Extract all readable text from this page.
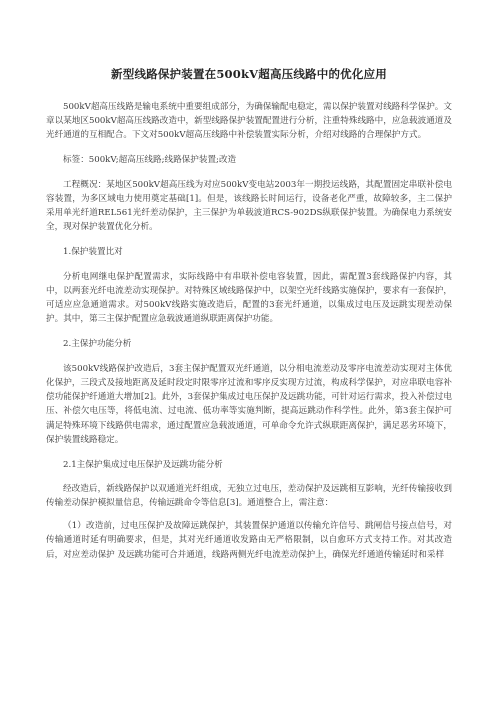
新型线路保护装置在500kV超高压线路中的优化应用

500kV超高压线路是输电系统中重要组成部分，为确保输配电稳定，需以保护装置对线路科学保护。文章以某地区500kV超高压线路改造中，新型线路保护装置配置进行分析，注重特殊线路中，应急载波通道及光纤通道的互相配合。下文对500kV超高压线路中补偿装置实际分析，介绍对线路的合理保护方式。

标签：500kV;超高压线路;线路保护装置;改造

工程概况：某地区500kV超高压线为对应500kV变电站2003年一期投运线路，其配置固定串联补偿电容装置，为多区域电力使用奠定基础[1]。但是，该线路长时间运行，设备老化严重，故障较多，主二保护采用单光纤道REL561光纤差动保护，主三保护为单载波道RCS-902DS纵联保护装置。为确保电力系统安全，现对保护装置优化分析。

1.保护装置比对

分析电网继电保护配置需求，实际线路中有串联补偿电容装置，因此，需配置3套线路保护内容，其中，以两套光纤电流差动实现保护。对特殊区域线路保护中，以架空光纤线路实施保护，要求有一套保护，可适应应急通道需求。对500kV线路实施改造后，配置的3套光纤通道，以集成过电压及远跳实现差动保护。其中，第三主保护配置应急载波通道纵联距离保护功能。

2.主保护功能分析

该500kV线路保护改造后，3套主保护配置双光纤通道，以分相电流差动及零序电流差动实现对主体优化保护，三段式及接地距离及延时段定时限零序过流和零序反实现方过流，构成科学保护，对应串联电容补偿功能保护纤通道大增加[2]。此外，3套保护集成过电压保护及远跳功能，可针对运行需求，投入补偿过电压、补偿欠电压等，将低电流、过电流、低功率等实施判断，提高远跳动作科学性。此外，第3套主保护可满足特殊环境下线路供电需求，通过配置应急载波通道，可单命令允许式纵联距离保护，满足恶劣环境下，保护装置线路稳定。

2.1主保护集成过电压保护及远跳功能分析

经改造后，新线路保护以双通道光纤组成，无独立过电压，差动保护及远跳相互影响，光纤传输接收到传输差动保护模拟量信息，传输远跳命令等信息[3]。通道整合上，需注意：

（1）改造前，过电压保护及故障远跳保护，其装置保护通道以传输允许信号、跳闸信号接点信号，对传输通道时延有明确要求，但是，其对光纤通道收发路由无严格限制，以自愈环方式支持工作。对其改造后，对应差动保护 及远跳功能可合并通道，线路两侧光纤电流差动保护上，确保光纤通道传输延时和采样
